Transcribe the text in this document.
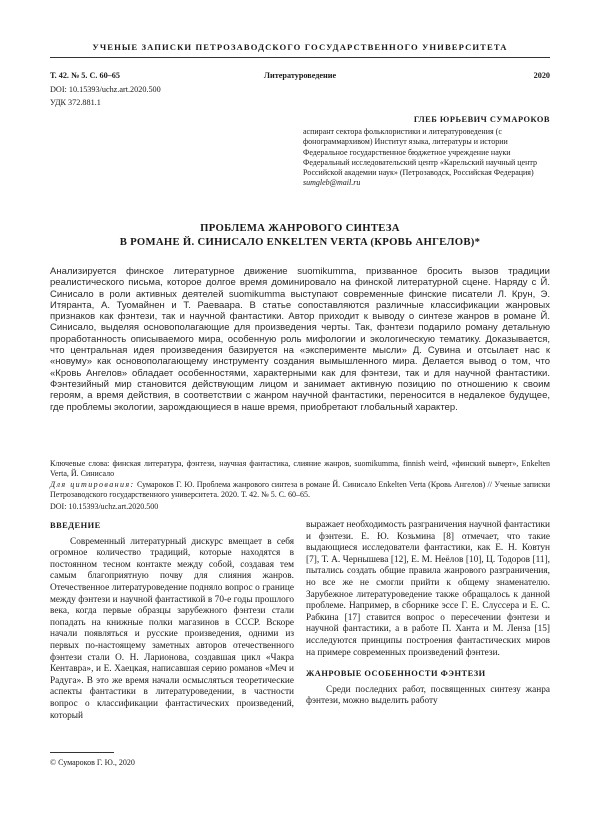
УЧЕНЫЕ ЗАПИСКИ ПЕТРОЗАВОДСКОГО ГОСУДАРСТВЕННОГО УНИВЕРСИТЕТА
Т. 42. № 5. С. 60–65	Литературоведение	2020
DOI: 10.15393/uchz.art.2020.500
УДК 372.881.1
ГЛЕБ ЮРЬЕВИЧ СУМАРОКОВ
аспирант сектора фольклористики и литературоведения (с фонограммархивом) Институт языка, литературы и истории
Федеральное государственное бюджетное учреждение науки Федеральный исследовательский центр «Карельский научный центр Российской академии наук» (Петрозаводск, Российская Федерация)
sumgleb@mail.ru
ПРОБЛЕМА ЖАНРОВОГО СИНТЕЗА
В РОМАНЕ Й. СИНИСАЛО ENKELTEN VERTA (КРОВЬ АНГЕЛОВ)*
Анализируется финское литературное движение suomikumma, призванное бросить вызов традиции реалистического письма, которое долгое время доминировало на финской литературной сцене. Наряду с Й. Синисало в роли активных деятелей suomikumma выступают современные финские писатели Л. Крун, Э. Итяранта, А. Туомайнен и Т. Раеваара. В статье сопоставляются различные классификации жанровых признаков как фэнтези, так и научной фантастики. Автор приходит к выводу о синтезе жанров в романе Й. Синисало, выделяя основополагающие для произведения черты. Так, фэнтези подарило роману детальную проработанность описываемого мира, особенную роль мифологии и экологическую тематику. Доказывается, что центральная идея произведения базируется на «эксперименте мысли» Д. Сувина и отсылает нас к «новуму» как основополагающему инструменту создания вымышленного мира. Делается вывод о том, что «Кровь Ангелов» обладает особенностями, характерными как для фэнтези, так и для научной фантастики. Фэнтезийный мир становится действующим лицом и занимает активную позицию по отношению к своим героям, а время действия, в соответствии с жанром научной фантастики, переносится в недалекое будущее, где проблемы экологии, зарождающиеся в наше время, приобретают глобальный характер.
Ключевые слова: финская литература, фэнтези, научная фантастика, слияние жанров, suomikumma, finnish weird, «финский выверт», Enkelten Verta, Й. Синисало
Для цитирования: Сумароков Г. Ю. Проблема жанрового синтеза в романе Й. Синисало Enkelten Verta (Кровь Ангелов) // Ученые записки Петрозаводского государственного университета. 2020. Т. 42. № 5. С. 60–65.
DOI: 10.15393/uchz.art.2020.500
ВВЕДЕНИЕ

Современный литературный дискурс вмещает в себя огромное количество традиций, которые находятся в постоянном тесном контакте между собой, создавая тем самым благоприятную почву для слияния жанров. Отечественное литературоведение подняло вопрос о границе между фэнтези и научной фантастикой в 70-е годы прошлого века, когда первые образцы зарубежного фэнтези стали попадать на книжные полки магазинов в СССР. Вскоре начали появляться и русские произведения, одними из первых по-настоящему заметных авторов отечественного фэнтези стали О. Н. Ларионова, создавшая цикл «Чакра Кентавра», и Е. Хаецкая, написавшая серию романов «Меч и Радуга». В это же время начали осмысляться теоретические аспекты фантастики в литературоведении, в частности вопрос о классификации фантастических произведений, который

выражает необходимость разграничения научной фантастики и фэнтези. Е. Ю. Козьмина [8] отмечает, что такие выдающиеся исследователи фантастики, как Е. Н. Ковтун [7], Т. А. Чернышева [12], Е. М. Неёлов [10], Ц. Тодоров [11], пытались создать общие правила жанрового разграничения, но все же не смогли прийти к общему знаменателю. Зарубежное литературоведение также обращалось к данной проблеме. Например, в сборнике эссе Г. Е. Слуссера и Е. С. Рабкина [17] ставится вопрос о пересечении фэнтези и научной фантастики, а в работе П. Ханта и М. Ленза [15] исследуются принципы построения фантастических миров на примере современных произведений фэнтези.

ЖАНРОВЫЕ ОСОБЕННОСТИ ФЭНТЕЗИ

Среди последних работ, посвященных синтезу жанра фэнтези, можно выделить работу

© Сумароков Г. Ю., 2020
